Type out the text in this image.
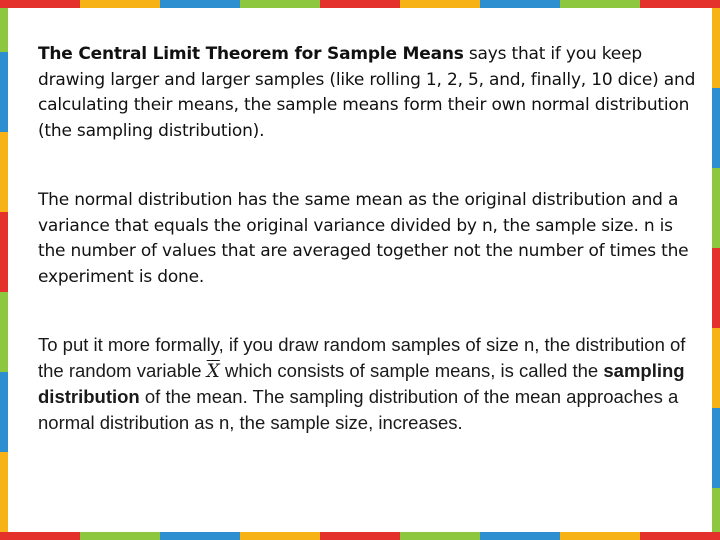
The Central Limit Theorem for Sample Means says that if you keep drawing larger and larger samples (like rolling 1, 2, 5, and, finally, 10 dice) and calculating their means, the sample means form their own normal distribution (the sampling distribution).

The normal distribution has the same mean as the original distribution and a variance that equals the original variance divided by n, the sample size. n is the number of values that are averaged together not the number of times the experiment is done.

To put it more formally, if you draw random samples of size n, the distribution of the random variable $\overline{X}$ which consists of sample means, is called the sampling distribution of the mean. The sampling distribution of the mean approaches a normal distribution as n, the sample size, increases.
